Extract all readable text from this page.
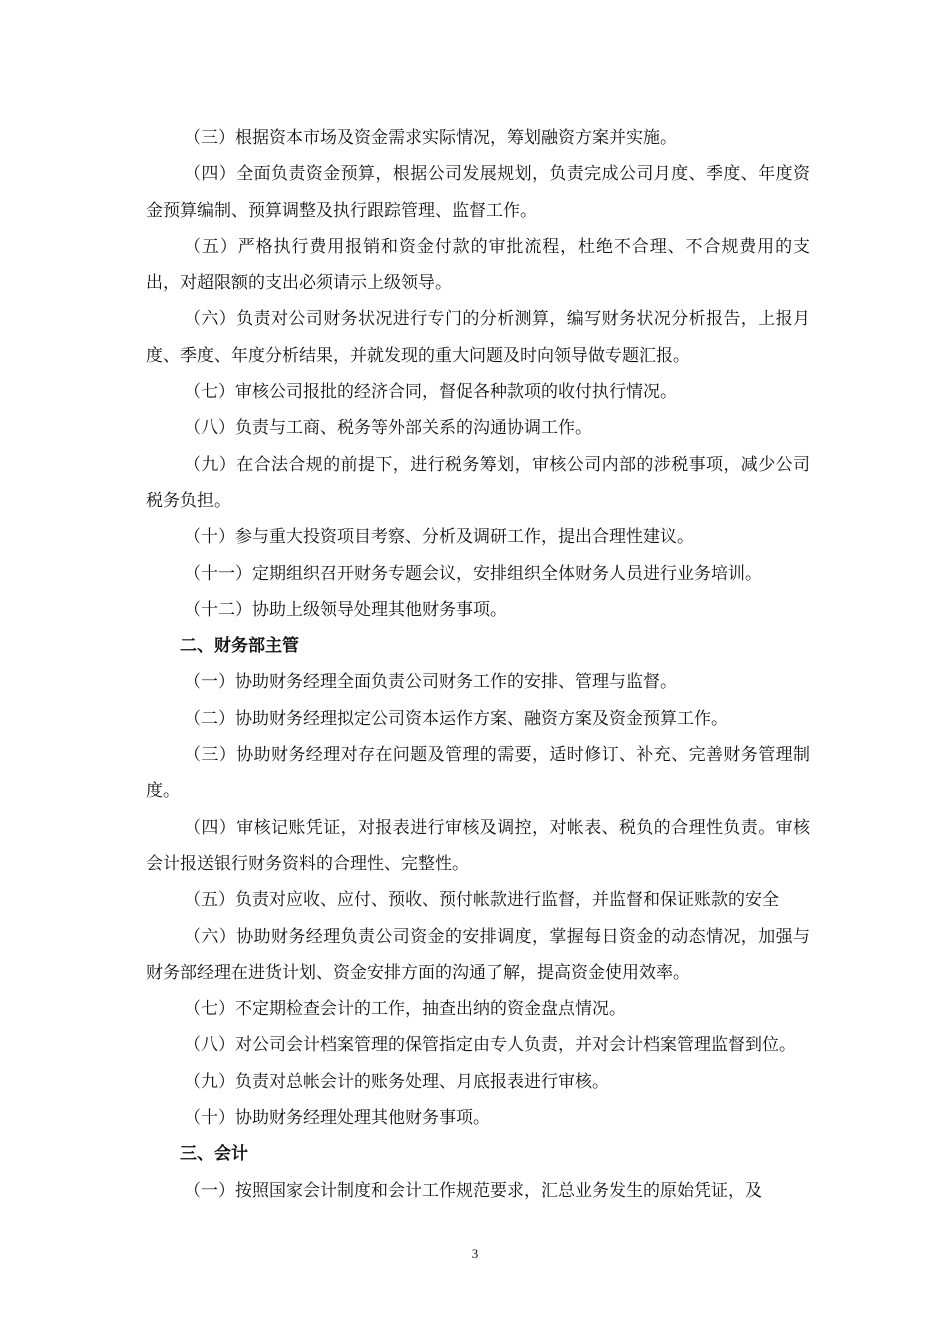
（三）根据资本市场及资金需求实际情况，筹划融资方案并实施。

（四）全面负责资金预算，根据公司发展规划，负责完成公司月度、季度、年度资金预算编制、预算调整及执行跟踪管理、监督工作。

（五）严格执行费用报销和资金付款的审批流程，杜绝不合理、不合规费用的支出，对超限额的支出必须请示上级领导。

（六）负责对公司财务状况进行专门的分析测算，编写财务状况分析报告，上报月度、季度、年度分析结果，并就发现的重大问题及时向领导做专题汇报。

（七）审核公司报批的经济合同，督促各种款项的收付执行情况。

（八）负责与工商、税务等外部关系的沟通协调工作。

（九）在合法合规的前提下，进行税务筹划，审核公司内部的涉税事项，减少公司税务负担。

（十）参与重大投资项目考察、分析及调研工作，提出合理性建议。

（十一）定期组织召开财务专题会议，安排组织全体财务人员进行业务培训。

（十二）协助上级领导处理其他财务事项。

二、财务部主管

（一）协助财务经理全面负责公司财务工作的安排、管理与监督。

（二）协助财务经理拟定公司资本运作方案、融资方案及资金预算工作。

（三）协助财务经理对存在问题及管理的需要，适时修订、补充、完善财务管理制度。

（四）审核记账凭证，对报表进行审核及调控，对帐表、税负的合理性负责。审核会计报送银行财务资料的合理性、完整性。

（五）负责对应收、应付、预收、预付帐款进行监督，并监督和保证账款的安全

（六）协助财务经理负责公司资金的安排调度，掌握每日资金的动态情况，加强与财务部经理在进货计划、资金安排方面的沟通了解，提高资金使用效率。

（七）不定期检查会计的工作，抽查出纳的资金盘点情况。

（八）对公司会计档案管理的保管指定由专人负责，并对会计档案管理监督到位。

（九）负责对总帐会计的账务处理、月底报表进行审核。

（十）协助财务经理处理其他财务事项。

三、会计

（一）按照国家会计制度和会计工作规范要求，汇总业务发生的原始凭证，及

3
